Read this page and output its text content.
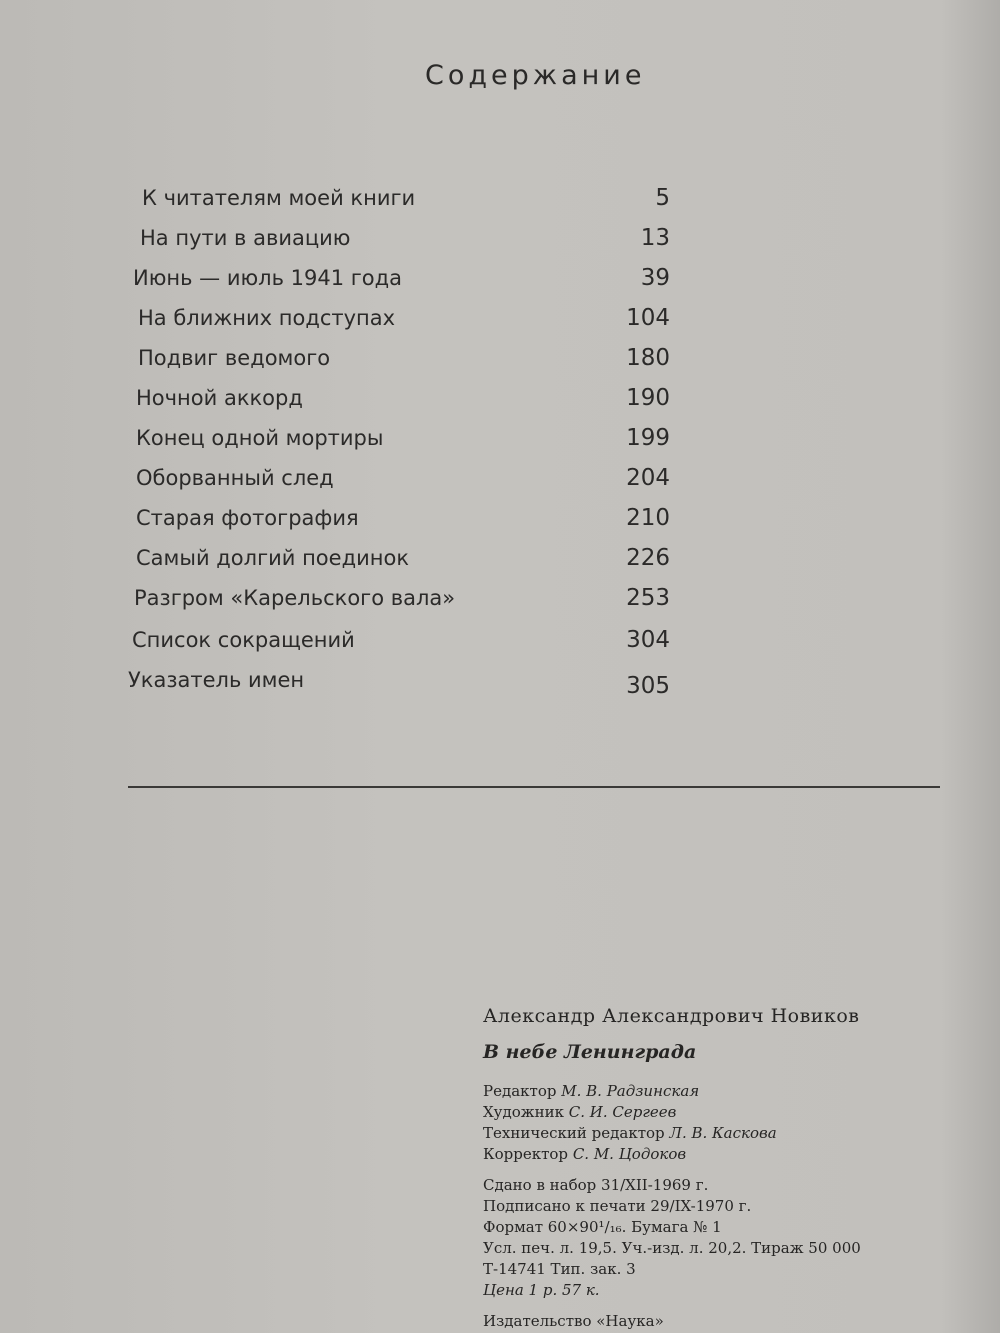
Содержание
К читателям моей книги	5
На пути в авиацию	13
Июнь — июль 1941 года	39
На ближних подступах	104
Подвиг ведомого	180
Ночной аккорд	190
Конец одной мортиры	199
Оборванный след	204
Старая фотография	210
Самый долгий поединок	226
Разгром «Карельского вала»	253
Список сокращений	304
Указатель имен	305
Александр Александрович Новиков
В небе Ленинграда
Редактор М. В. Радзинская
Художник С. И. Сергеев
Технический редактор Л. В. Каскова
Корректор С. М. Цодоков
Сдано в набор 31/XII-1969 г.
Подписано к печати 29/IX-1970 г.
Формат 60×90¹/₁₆. Бумага № 1
Усл. печ. л. 19,5. Уч.-изд. л. 20,2. Тираж 50 000
Т-14741 Тип. зак. 3
Цена 1 р. 57 к.
Издательство «Наука»
